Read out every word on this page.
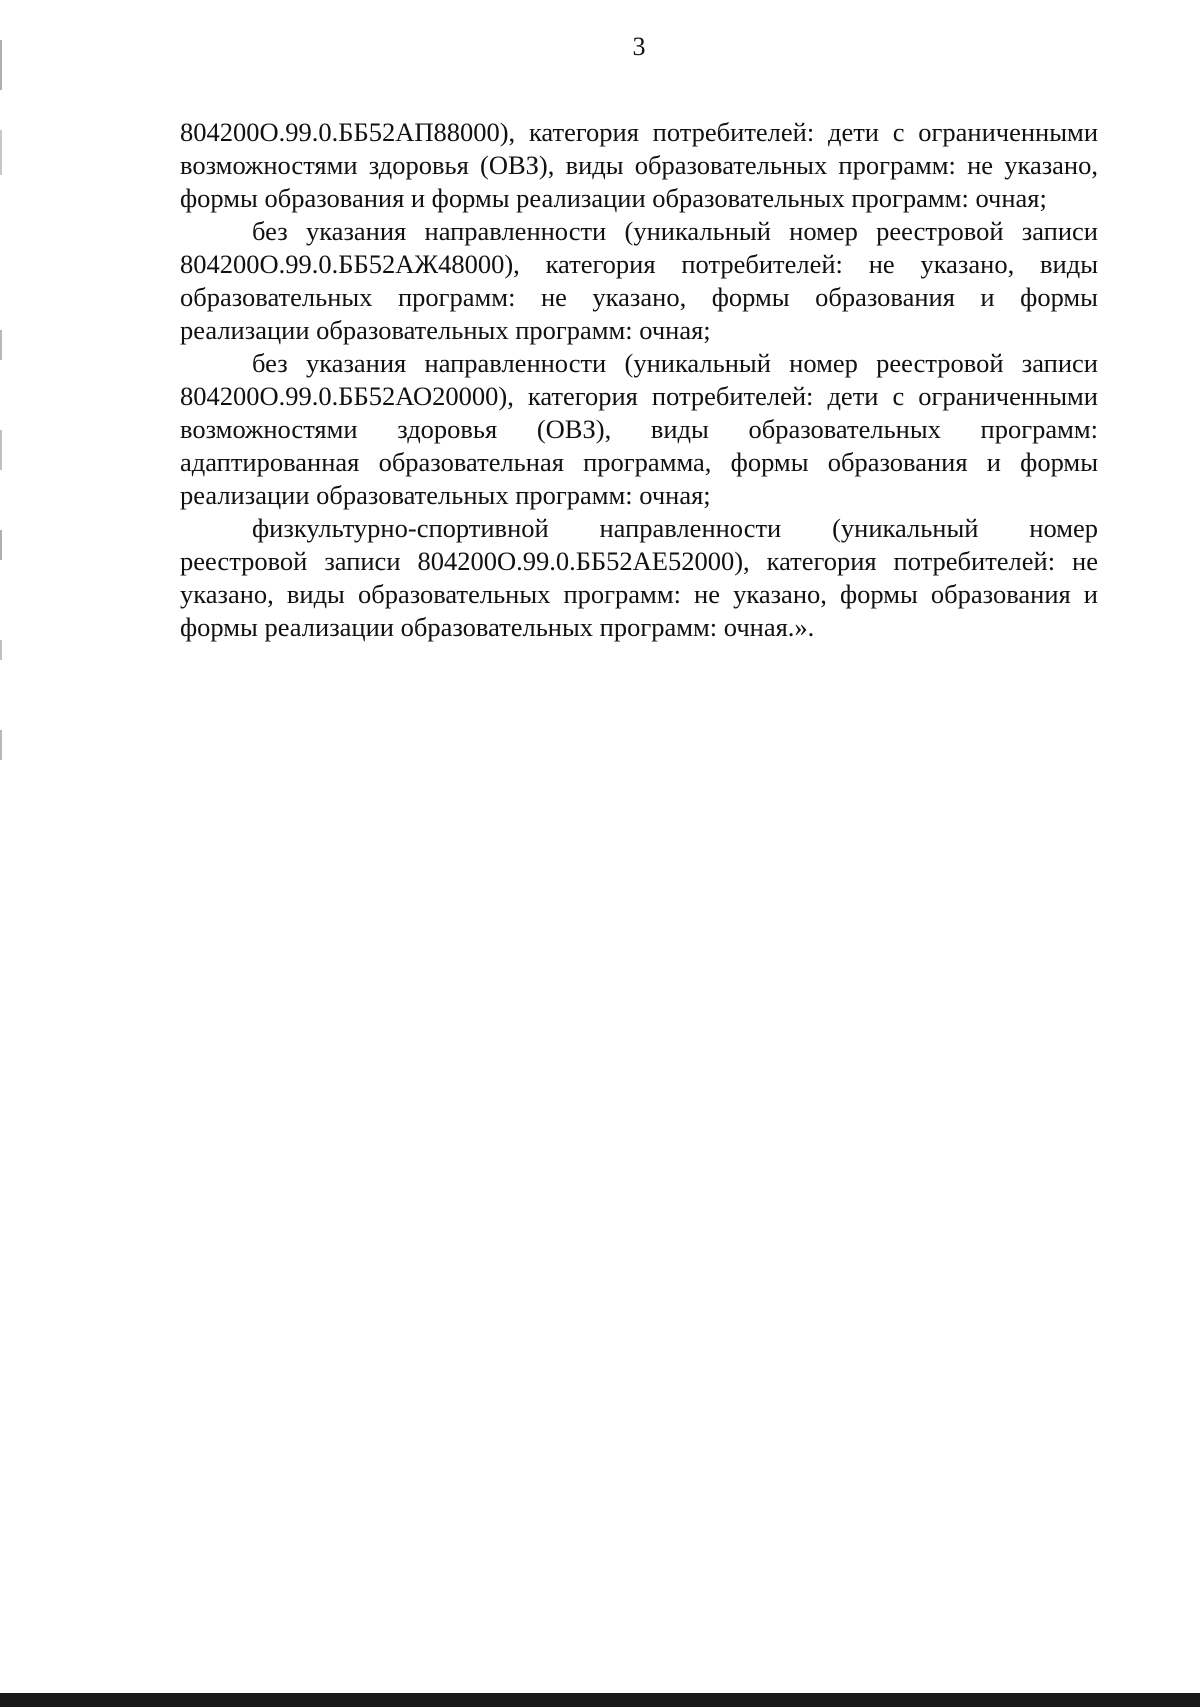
3

804200О.99.0.ББ52АП88000), категория потребителей: дети с ограниченными возможностями здоровья (ОВЗ), виды образовательных программ: не указано, формы образования и формы реализации образовательных программ: очная;

без указания направленности (уникальный номер реестровой записи 804200О.99.0.ББ52АЖ48000), категория потребителей: не указано, виды образовательных программ: не указано, формы образования и формы реализации образовательных программ: очная;

без указания направленности (уникальный номер реестровой записи 804200О.99.0.ББ52АО20000), категория потребителей: дети с ограниченными возможностями здоровья (ОВЗ), виды образовательных программ: адаптированная образовательная программа, формы образования и формы реализации образовательных программ: очная;

физкультурно-спортивной направленности (уникальный номер реестровой записи 804200О.99.0.ББ52АЕ52000), категория потребителей: не указано, виды образовательных программ: не указано, формы образования и формы реализации образовательных программ: очная.».
